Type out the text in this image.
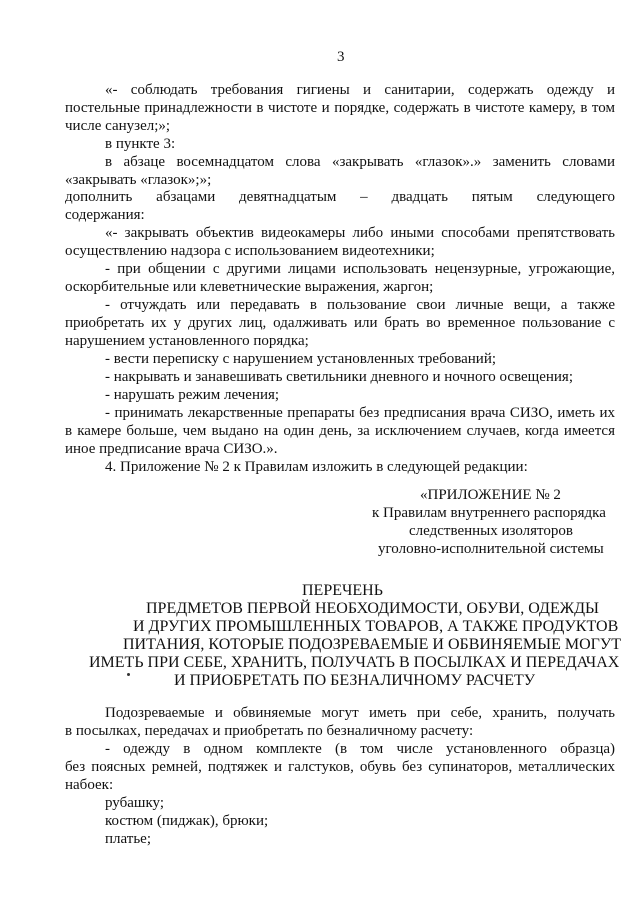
3
«- соблюдать требования гигиены и санитарии, содержать одежду и
постельные принадлежности в чистоте и порядке, содержать в чистоте камеру, в том
числе санузел;»;
в пункте 3:
в абзаце восемнадцатом слова «закрывать «глазок».» заменить словами
«закрывать «глазок»;»;
дополнить абзацами девятнадцатым – двадцать пятым следующего
содержания:
«- закрывать объектив видеокамеры либо иными способами препятствовать
осуществлению надзора с использованием видеотехники;
- при общении с другими лицами использовать нецензурные, угрожающие,
оскорбительные или клеветнические выражения, жаргон;
- отчуждать или передавать в пользование свои личные вещи, а также
приобретать их у других лиц, одалживать или брать во временное пользование с
нарушением установленного порядка;
- вести переписку с нарушением установленных требований;
- накрывать и занавешивать светильники дневного и ночного освещения;
- нарушать режим лечения;
- принимать лекарственные препараты без предписания врача СИЗО, иметь их
в камере больше, чем выдано на один день, за исключением случаев, когда имеется
иное предписание врача СИЗО.».
4. Приложение № 2 к Правилам изложить в следующей редакции:
«ПРИЛОЖЕНИЕ № 2
к Правилам внутреннего распорядка
следственных изоляторов
уголовно-исполнительной системы
ПЕРЕЧЕНЬ
ПРЕДМЕТОВ ПЕРВОЙ НЕОБХОДИМОСТИ, ОБУВИ, ОДЕЖДЫ
И ДРУГИХ ПРОМЫШЛЕННЫХ ТОВАРОВ, А ТАКЖЕ ПРОДУКТОВ
ПИТАНИЯ, КОТОРЫЕ ПОДОЗРЕВАЕМЫЕ И ОБВИНЯЕМЫЕ МОГУТ
ИМЕТЬ ПРИ СЕБЕ, ХРАНИТЬ, ПОЛУЧАТЬ В ПОСЫЛКАХ И ПЕРЕДАЧАХ
И ПРИОБРЕТАТЬ ПО БЕЗНАЛИЧНОМУ РАСЧЕТУ
Подозреваемые и обвиняемые могут иметь при себе, хранить, получать
в посылках, передачах и приобретать по безналичному расчету:
- одежду в одном комплекте (в том числе установленного образца)
без поясных ремней, подтяжек и галстуков, обувь без супинаторов, металлических
набоек:
рубашку;
костюм (пиджак), брюки;
платье;
